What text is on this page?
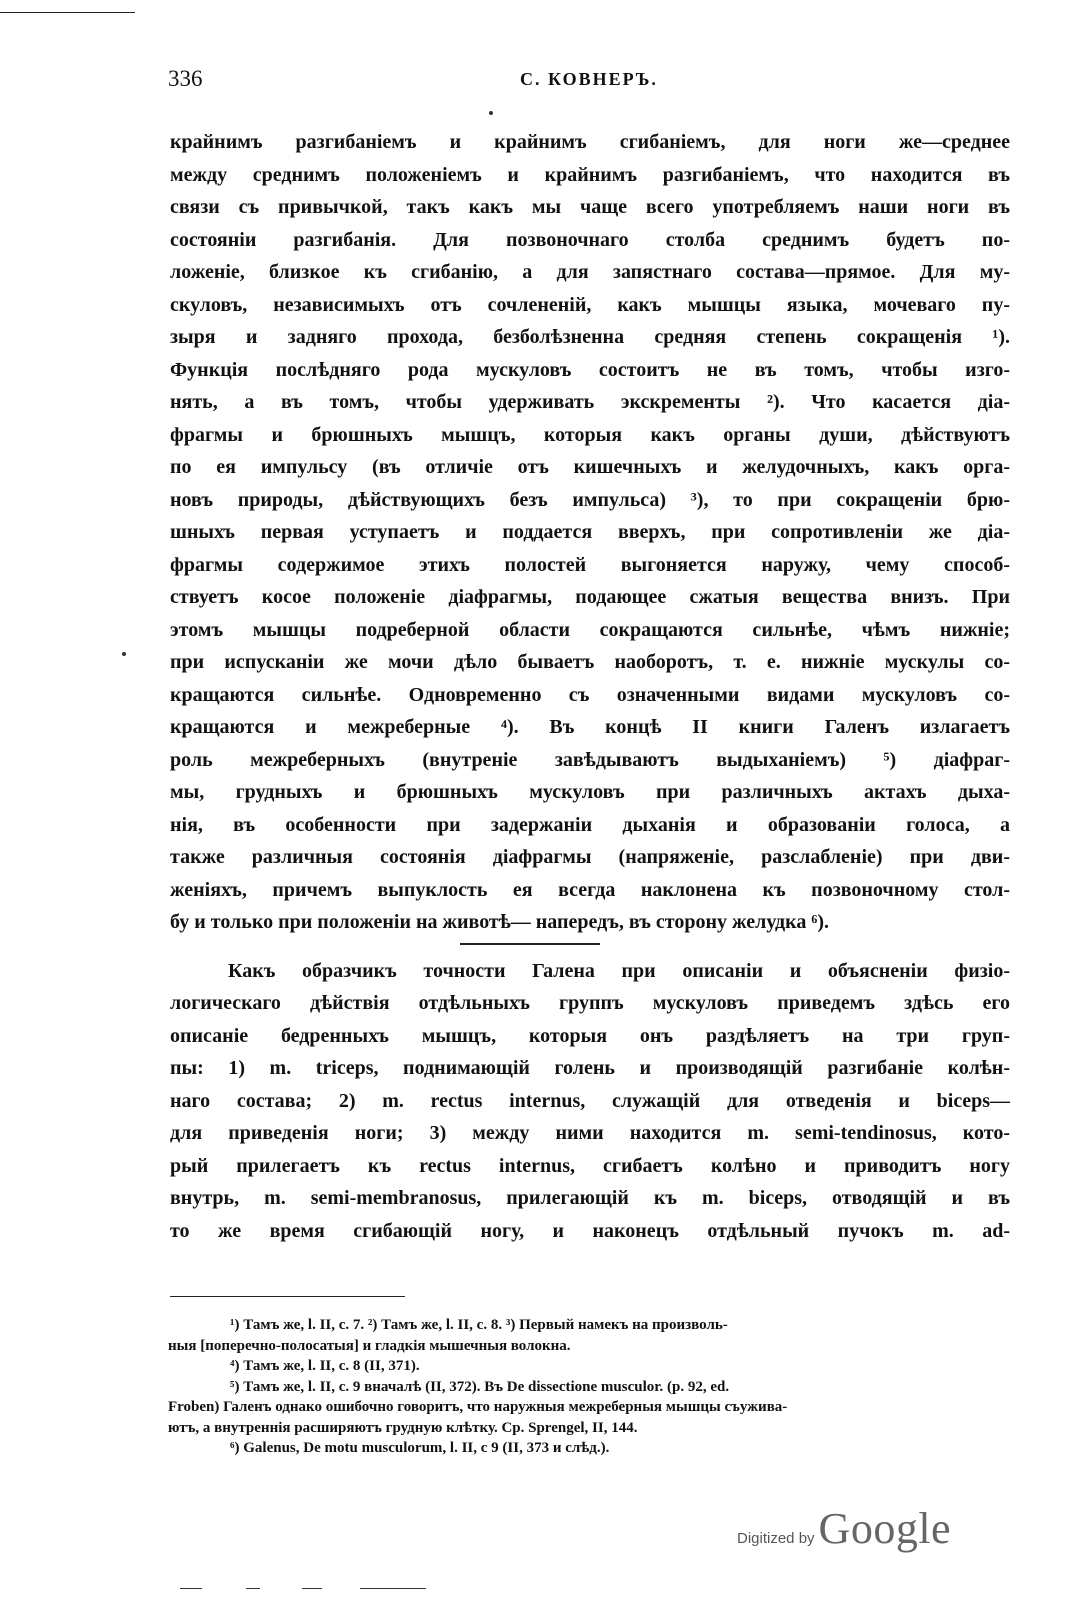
336	С. КОВНЕРЪ.
крайнимъ разгибаніемъ и крайнимъ сгибаніемъ, для ноги же—среднее
между среднимъ положеніемъ и крайнимъ разгибаніемъ, что находится въ
связи съ привычкой, такъ какъ мы чаще всего употребляемъ наши ноги въ
состояніи разгибанія. Для позвоночнаго столба среднимъ будетъ по-
ложеніе, близкое къ сгибанію, а для запястнаго состава—прямое. Для му-
скуловъ, независимыхъ отъ сочлененій, какъ мышцы языка, мочеваго пу-
зыря и задняго прохода, безболѣзненна средняя степень сокращенія ¹).
Функція послѣдняго рода мускуловъ состоитъ не въ томъ, чтобы изго-
нять, а въ томъ, чтобы удерживать экскременты ²). Что касается діа-
фрагмы и брюшныхъ мышцъ, которыя какъ органы души, дѣйствуютъ
по ея импульсу (въ отличіе отъ кишечныхъ и желудочныхъ, какъ орга-
новъ природы, дѣйствующихъ безъ импульса) ³), то при сокращеніи брю-
шныхъ первая уступаетъ и поддается вверхъ, при сопротивленіи же діа-
фрагмы содержимое этихъ полостей выгоняется наружу, чему способ-
ствуетъ косое положеніе діафрагмы, подающее сжатыя вещества внизъ. При
этомъ мышцы подреберной области сокращаются сильнѣе, чѣмъ нижніе;
при испусканіи же мочи дѣло бываетъ наоборотъ, т. е. нижніе мускулы со-
кращаются сильнѣе. Одновременно съ означенными видами мускуловъ со-
кращаются и межреберные ⁴). Въ концѣ II книги Галенъ излагаетъ
роль межреберныхъ (внутреніе завѣдываютъ выдыханіемъ) ⁵) діафраг-
мы, грудныхъ и брюшныхъ мускуловъ при различныхъ актахъ дыха-
нія, въ особенности при задержаніи дыханія и образованіи голоса, а
также различныя состоянія діафрагмы (напряженіе, разслабленіе) при дви-
женіяхъ, причемъ выпуклость ея всегда наклонена къ позвоночному стол-
бу и только при положеніи на животѣ— напередъ, въ сторону желудка ⁶).
Какъ образчикъ точности Галена при описаніи и объясненіи физіо-
логическаго дѣйствія отдѣльныхъ группъ мускуловъ приведемъ здѣсь его
описаніе бедренныхъ мышцъ, которыя онъ раздѣляетъ на три груп-
пы: 1) m. triceps, поднимающій голень и производящій разгибаніе колѣн-
наго состава; 2) m. rectus internus, служащій для отведенія и biceps—
для приведенія ноги; 3) между ними находится m. semi-tendinosus, кото-
рый прилегаетъ къ rectus internus, сгибаетъ колѣно и приводитъ ногу
внутрь, m. semi-membranosus, прилегающій къ m. biceps, отводящій и въ
то же время сгибающій ногу, и наконецъ отдѣльный пучокъ m. ad-
¹) Тамъ же, l. II, c. 7. ²) Тамъ же, l. II, c. 8. ³) Первый намекъ на произволь-
ныя [поперечно-полосатыя] и гладкія мышечныя волокна.
⁴) Тамъ же, l. II, c. 8 (II, 371).
⁵) Тамъ же, l. II, c. 9 вначалѣ (II, 372). Въ De dissectione musculor. (p. 92, ed.
Froben) Галенъ однако ошибочно говоритъ, что наружныя межреберныя мышцы съуживa-
ютъ, а внутреннія расширяютъ грудную клѣтку. Ср. Sprengel, II, 144.
⁶) Galenus, De motu musculorum, l. II, c 9 (II, 373 и слѣд.).
Digitized by Google
